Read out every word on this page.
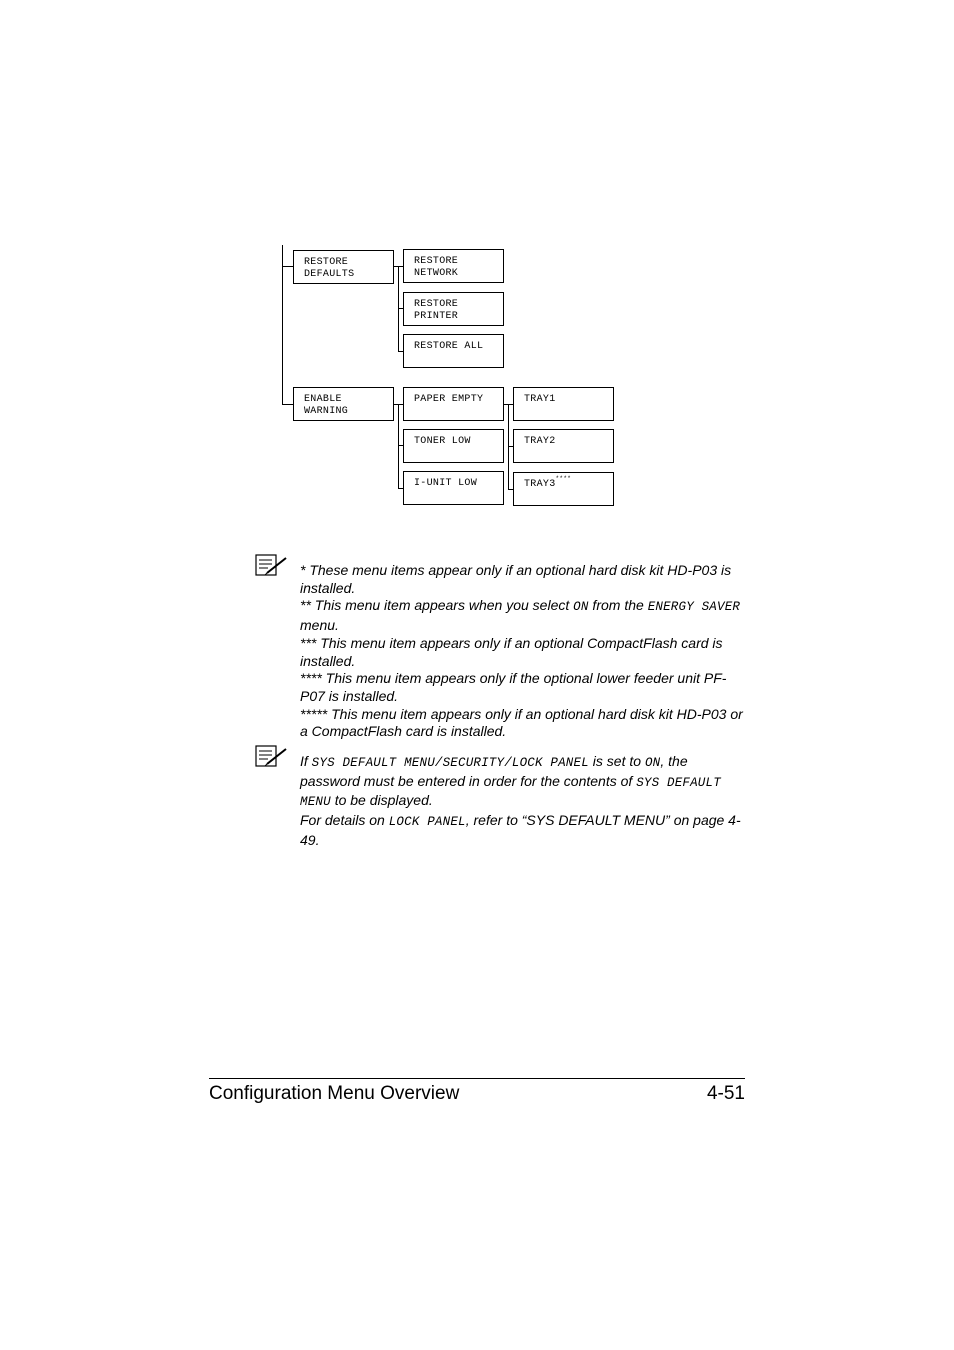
RESTORE
DEFAULTS
ENABLE
WARNING
RESTORE
NETWORK
RESTORE
PRINTER
RESTORE ALL
PAPER EMPTY
TONER LOW
I-UNIT LOW
TRAY1
TRAY2
TRAY3****

* These menu items appear only if an optional hard disk kit HD-P03 is installed.

** This menu item appears when you select ON from the ENERGY SAVER menu.

*** This menu item appears only if an optional CompactFlash card is installed.

**** This menu item appears only if the optional lower feeder unit PF-P07 is installed.

***** This menu item appears only if an optional hard disk kit HD-P03 or a CompactFlash card is installed.

If SYS DEFAULT MENU/SECURITY/LOCK PANEL is set to ON, the password must be entered in order for the contents of SYS DEFAULT MENU to be displayed.

For details on LOCK PANEL, refer to “SYS DEFAULT MENU” on page 4-49.

Configuration Menu Overview	4-51
